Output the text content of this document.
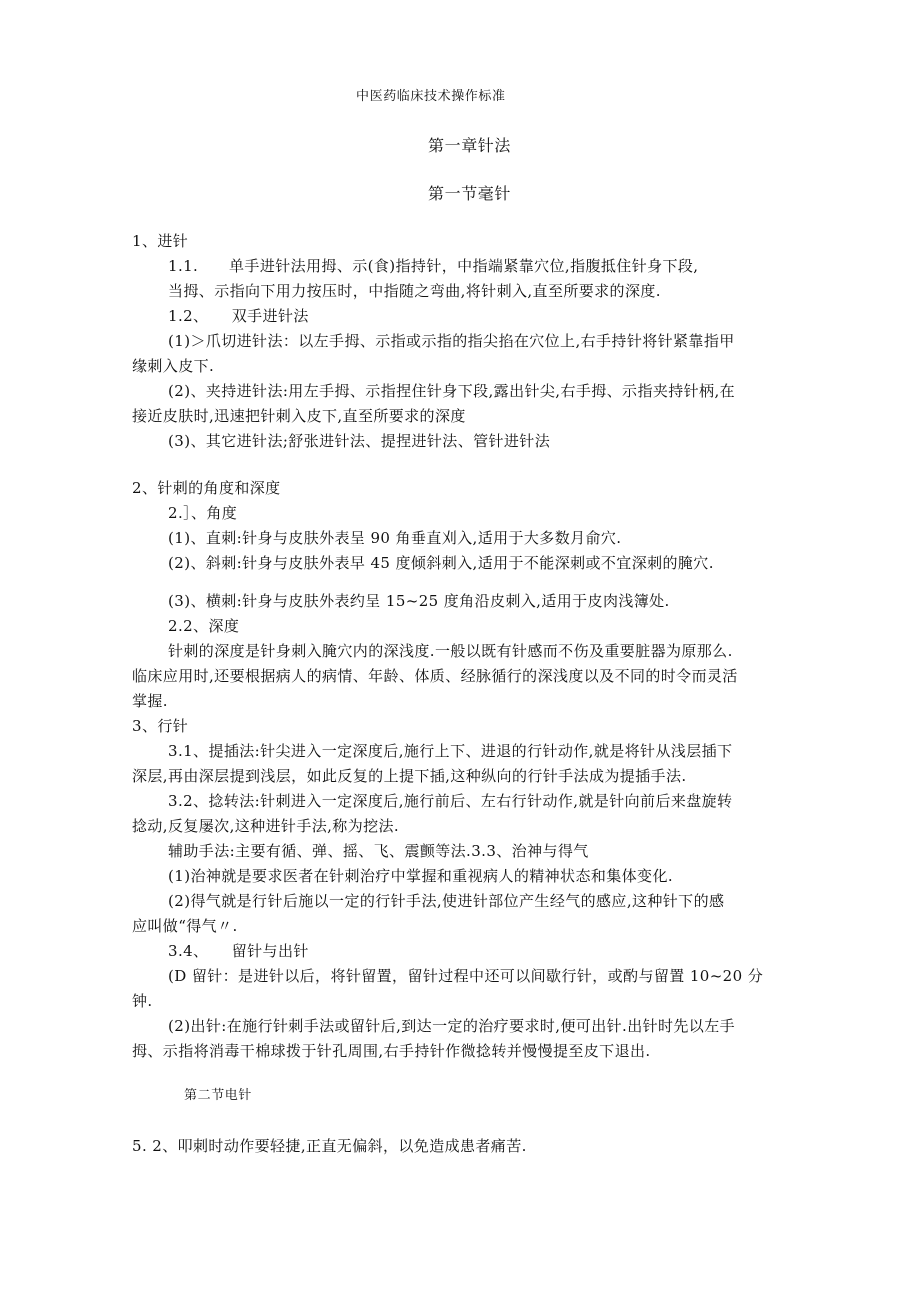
中医药临床技术操作标准
第一章针法
第一节毫针
1、进针
1.1.　　单手进针法用拇、示(食)指持针，中指端紧靠穴位,指腹抵住针身下段,
当拇、示指向下用力按压时，中指随之弯曲,将针刺入,直至所要求的深度.
1.2、　　双手进针法
(1)＞爪切进针法：以左手拇、示指或示指的指尖掐在穴位上,右手持针将针紧靠指甲
缘刺入皮下.
(2)、夹持进针法:用左手拇、示指捏住针身下段,露出针尖,右手拇、示指夹持针柄,在
接近皮肤时,迅速把针刺入皮下,直至所要求的深度
(3)、其它进针法;舒张进针法、提捏进针法、管针进针法
2、针刺的角度和深度
2.］、角度
(1)、直刺:针身与皮肤外表呈 90 角垂直刈入,适用于大多数月俞穴.
(2)、斜刺:针身与皮肤外表早 45 度倾斜刺入,适用于不能深刺或不宜深刺的腌穴.
(3)、横刺:针身与皮肤外表约呈 15~25 度角沿皮刺入,适用于皮肉浅簿处.
2.2、深度
针刺的深度是针身刺入腌穴内的深浅度.一般以既有针感而不伤及重要脏器为原那么.
临床应用时,还要根据病人的病情、年龄、体质、经脉循行的深浅度以及不同的时令而灵活
掌握.
3、行针
3.1、提插法:针尖进入一定深度后,施行上下、进退的行针动作,就是将针从浅层插下
深层,再由深层提到浅层，如此反复的上提下插,这种纵向的行针手法成为提插手法.
3.2、捻转法:针刺进入一定深度后,施行前后、左右行针动作,就是针向前后来盘旋转
捻动,反复屡次,这种进针手法,称为挖法.
辅助手法:主要有循、弹、摇、飞、震颤等法.3.3、治神与得气
(1)治神就是要求医者在针刺治疗中掌握和重视病人的精神状态和集体变化.
(2)得气就是行针后施以一定的行针手法,使进针部位产生经气的感应,这种针下的感
应叫做“得气〃.
3.4、　　留针与出针
(D 留针：是进针以后，将针留置，留针过程中还可以间歇行针，或酌与留置 10~20 分
钟.
(2)出针:在施行针刺手法或留针后,到达一定的治疗要求时,便可出针.出针时先以左手
拇、示指将消毒干棉球拨于针孔周围,右手持针作微捻转并慢慢提至皮下退出.
第二节电针
5. 2、叩刺时动作要轻捷,正直无偏斜，以免造成患者痛苦.
